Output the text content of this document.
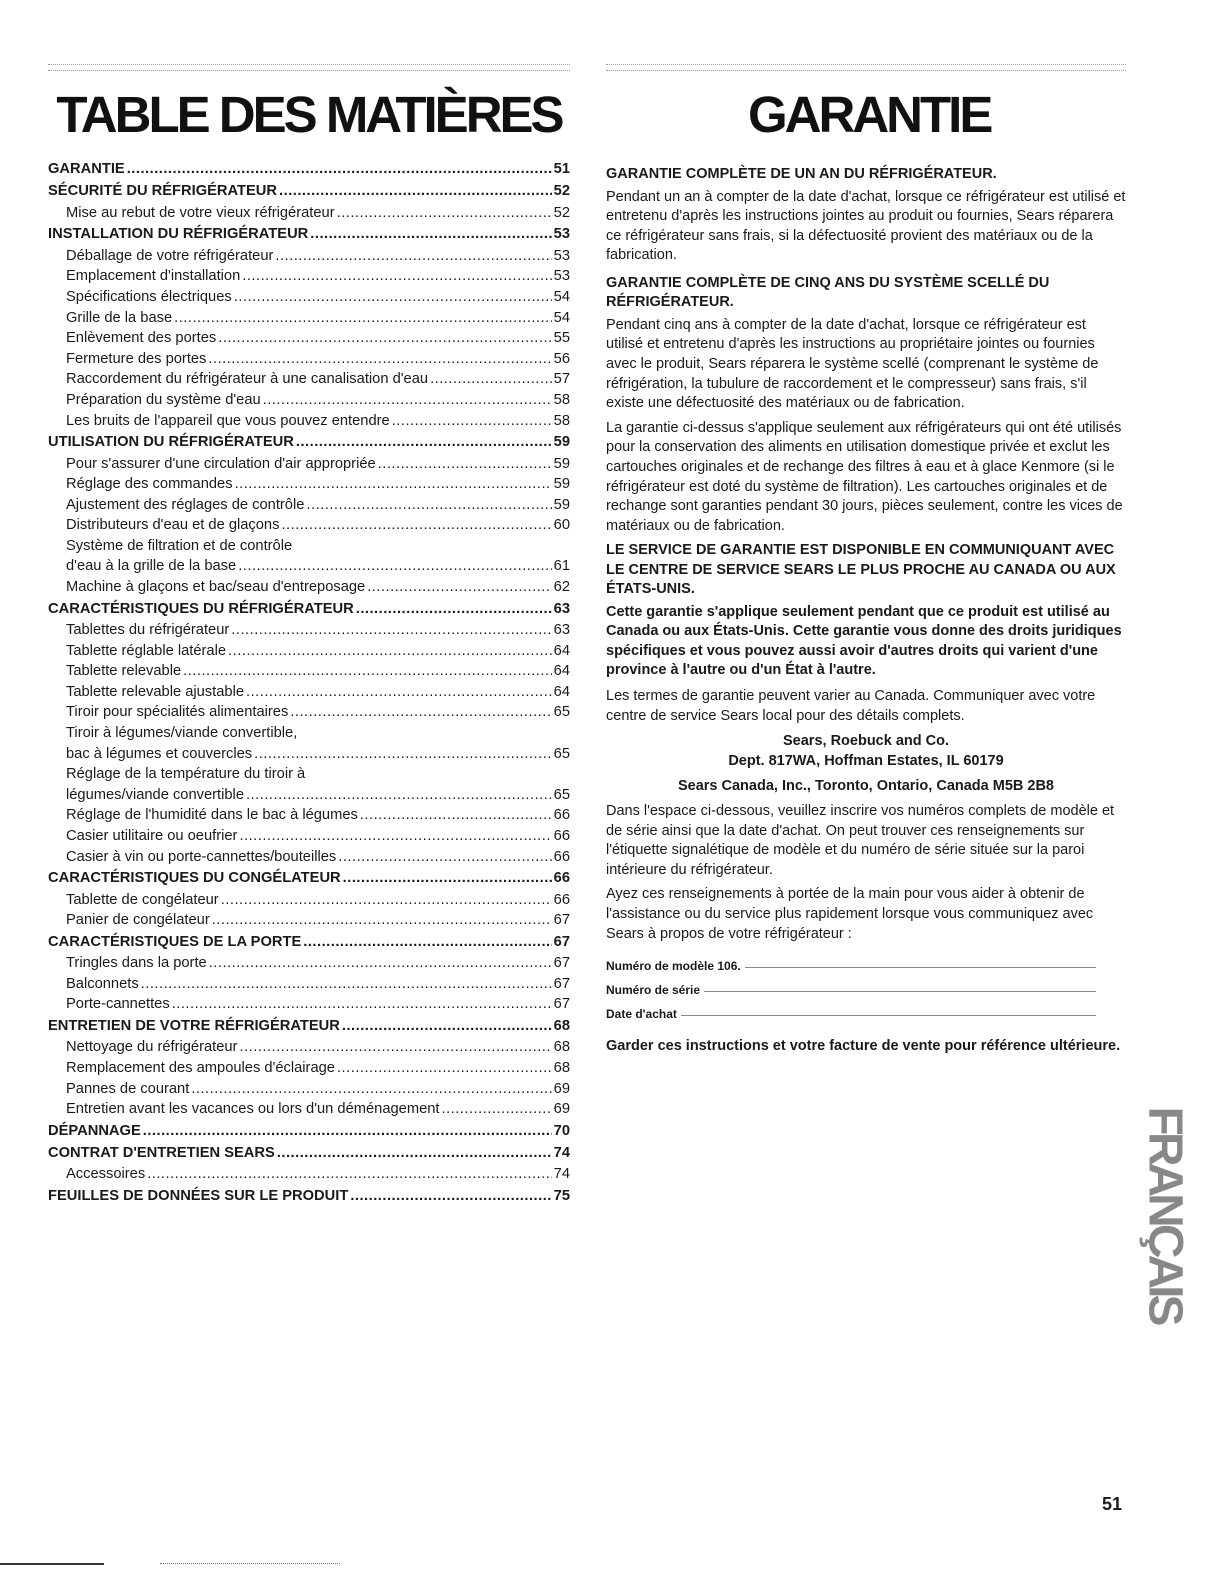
TABLE DES MATIÈRES
GARANTIE .....	51
SÉCURITÉ DU RÉFRIGÉRATEUR .....	52
Mise au rebut de votre vieux réfrigérateur .....	52
INSTALLATION DU RÉFRIGÉRATEUR .....	53
Déballage de votre réfrigérateur .....	53
Emplacement d'installation .....	53
Spécifications électriques .....	54
Grille de la base .....	54
Enlèvement des portes .....	55
Fermeture des portes .....	56
Raccordement du réfrigérateur à une canalisation d'eau .....	57
Préparation du système d'eau .....	58
Les bruits de l'appareil que vous pouvez entendre .....	58
UTILISATION DU RÉFRIGÉRATEUR .....	59
Pour s'assurer d'une circulation d'air appropriée .....	59
Réglage des commandes .....	59
Ajustement des réglages de contrôle .....	59
Distributeurs d'eau et de glaçons .....	60
Système de filtration et de contrôle
d'eau à la grille de la base .....	61
Machine à glaçons et bac/seau d'entreposage .....	62
CARACTÉRISTIQUES DU RÉFRIGÉRATEUR .....	63
Tablettes du réfrigérateur .....	63
Tablette réglable latérale .....	64
Tablette relevable .....	64
Tablette relevable ajustable .....	64
Tiroir pour spécialités alimentaires .....	65
Tiroir à légumes/viande convertible,
bac à légumes et couvercles .....	65
Réglage de la température du tiroir à
légumes/viande convertible .....	65
Réglage de l'humidité dans le bac à légumes .....	66
Casier utilitaire ou oeufrier .....	66
Casier à vin ou porte-cannettes/bouteilles .....	66
CARACTÉRISTIQUES DU CONGÉLATEUR .....	66
Tablette de congélateur .....	66
Panier de congélateur .....	67
CARACTÉRISTIQUES DE LA PORTE .....	67
Tringles dans la porte .....	67
Balconnets .....	67
Porte-cannettes .....	67
ENTRETIEN DE VOTRE RÉFRIGÉRATEUR .....	68
Nettoyage du réfrigérateur .....	68
Remplacement des ampoules d'éclairage .....	68
Pannes de courant .....	69
Entretien avant les vacances ou lors d'un déménagement .....	69
DÉPANNAGE .....	70
CONTRAT D'ENTRETIEN SEARS .....	74
Accessoires .....	74
FEUILLES DE DONNÉES SUR LE PRODUIT .....	75
GARANTIE
GARANTIE COMPLÈTE DE UN AN DU RÉFRIGÉRATEUR.

Pendant un an à compter de la date d'achat, lorsque ce réfrigérateur est utilisé et entretenu d'après les instructions jointes au produit ou fournies, Sears réparera ce réfrigérateur sans frais, si la défectuosité provient des matériaux ou de la fabrication.

GARANTIE COMPLÈTE DE CINQ ANS DU SYSTÈME SCELLÉ DU RÉFRIGÉRATEUR.

Pendant cinq ans à compter de la date d'achat, lorsque ce réfrigérateur est utilisé et entretenu d'après les instructions au propriétaire jointes ou fournies avec le produit, Sears réparera le système scellé (comprenant le système de réfrigération, la tubulure de raccordement et le compresseur) sans frais, s'il existe une défectuosité des matériaux ou de fabrication.

La garantie ci-dessus s'applique seulement aux réfrigérateurs qui ont été utilisés pour la conservation des aliments en utilisation domestique privée et exclut les cartouches originales et de rechange des filtres à eau et à glace Kenmore (si le réfrigérateur est doté du système de filtration). Les cartouches originales et de rechange sont garanties pendant 30 jours, pièces seulement, contre les vices de matériaux ou de fabrication.

LE SERVICE DE GARANTIE EST DISPONIBLE EN COMMUNIQUANT AVEC LE CENTRE DE SERVICE SEARS LE PLUS PROCHE AU CANADA OU AUX ÉTATS-UNIS.

Cette garantie s'applique seulement pendant que ce produit est utilisé au Canada ou aux États-Unis. Cette garantie vous donne des droits juridiques spécifiques et vous pouvez aussi avoir d'autres droits qui varient d'une province à l'autre ou d'un État à l'autre.

Les termes de garantie peuvent varier au Canada. Communiquer avec votre centre de service Sears local pour des détails complets.

Sears, Roebuck and Co.
Dept. 817WA, Hoffman Estates, IL 60179
Sears Canada, Inc., Toronto, Ontario, Canada M5B 2B8

Dans l'espace ci-dessous, veuillez inscrire vos numéros complets de modèle et de série ainsi que la date d'achat. On peut trouver ces renseignements sur l'étiquette signalétique de modèle et du numéro de série située sur la paroi intérieure du réfrigérateur.

Ayez ces renseignements à portée de la main pour vous aider à obtenir de l'assistance ou du service plus rapidement lorsque vous communiquez avec Sears à propos de votre réfrigérateur :

Numéro de modèle 106.
Numéro de série
Date d'achat
Garder ces instructions et votre facture de vente pour référence ultérieure.
FRANÇAIS
51
